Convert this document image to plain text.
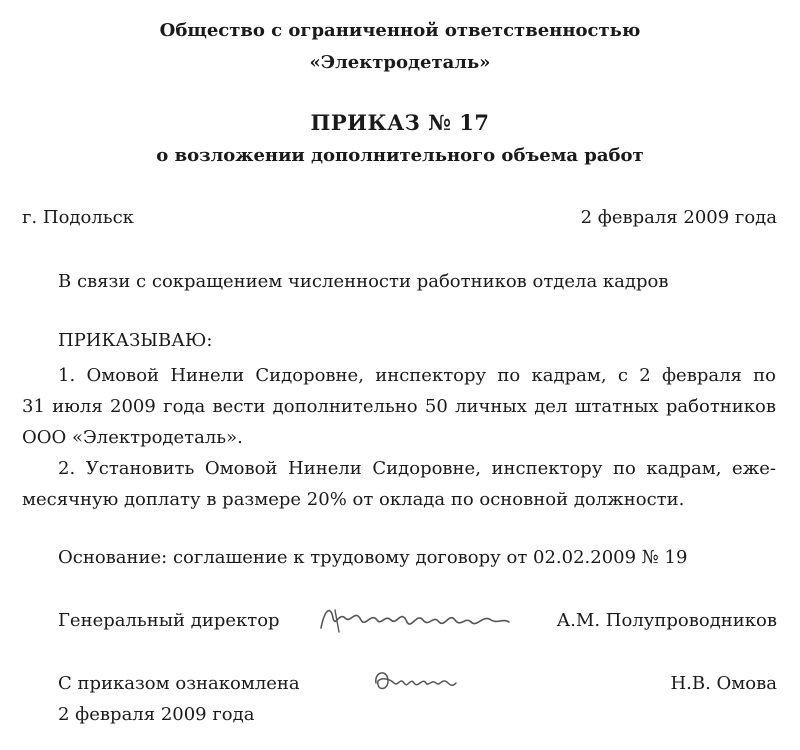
Общество с ограниченной ответственностью
«Электродеталь»
ПРИКАЗ № 17
о возложении дополнительного объема работ
г. Подольск	2 февраля 2009 года
В связи с сокращением численности работников отдела кадров
ПРИКАЗЫВАЮ:
1. Омовой Нинели Сидоровне, инспектору по кадрам, с 2 февраля по
31 июля 2009 года вести дополнительно 50 личных дел штатных работников
ООО «Электродеталь».
2. Установить Омовой Нинели Сидоровне, инспектору по кадрам, еже-
месячную доплату в размере 20% от оклада по основной должности.
Основание: соглашение к трудовому договору от 02.02.2009 № 19
Генеральный директор	А.М. Полупроводников
С приказом ознакомлена	Н.В. Омова
2 февраля 2009 года
